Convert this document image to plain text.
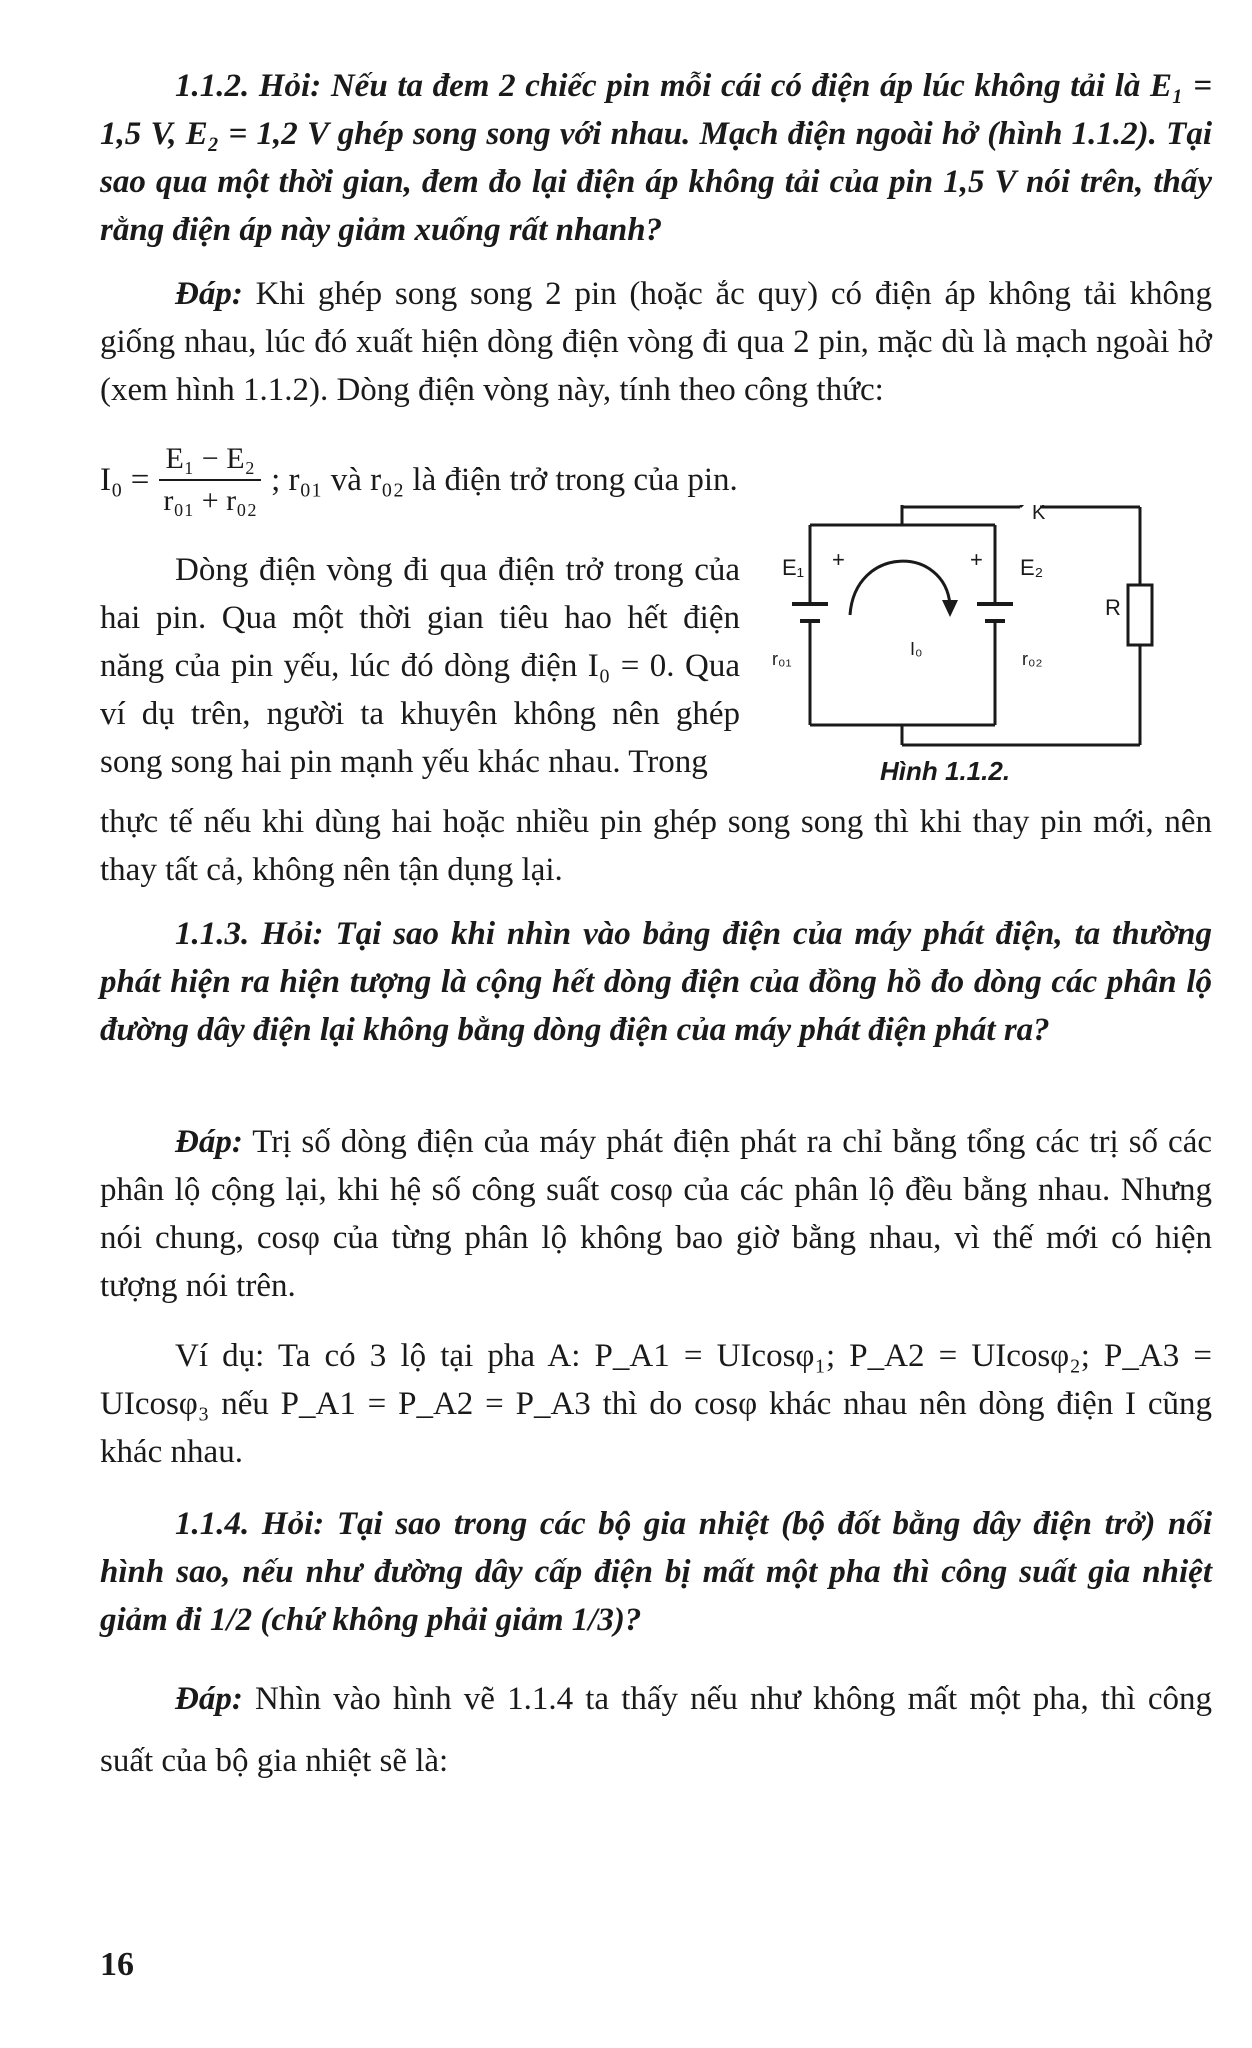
1.1.2. Hỏi: Nếu ta đem 2 chiếc pin mỗi cái có điện áp lúc không tải là E₁ = 1,5 V, E₂ = 1,2 V ghép song song với nhau. Mạch điện ngoài hở (hình 1.1.2). Tại sao qua một thời gian, đem đo lại điện áp không tải của pin 1,5 V nói trên, thấy rằng điện áp này giảm xuống rất nhanh?

Đáp: Khi ghép song song 2 pin (hoặc ắc quy) có điện áp không tải không giống nhau, lúc đó xuất hiện dòng điện vòng đi qua 2 pin, mặc dù là mạch ngoài hở (xem hình 1.1.2). Dòng điện vòng này, tính theo công thức:

$I_0 = \frac{\text{E₁ − E₂}}{\text{r₀₁ + r₀₂}}$ ; r₀₁ và r₀₂ là điện trở trong của pin.

Dòng điện vòng đi qua điện trở trong của hai pin. Qua một thời gian tiêu hao hết điện năng của pin yếu, lúc đó dòng điện I₀ = 0. Qua ví dụ trên, người ta khuyên không nên ghép song song hai pin mạnh yếu khác nhau. Trong

E₁ +	+ E₂
r₀₁	r₀₂
I₀
R
K
Hình 1.1.2.

thực tế nếu khi dùng hai hoặc nhiều pin ghép song song thì khi thay pin mới, nên thay tất cả, không nên tận dụng lại.

1.1.3. Hỏi: Tại sao khi nhìn vào bảng điện của máy phát điện, ta thường phát hiện ra hiện tượng là cộng hết dòng điện của đồng hồ đo dòng các phân lộ đường dây điện lại không bằng dòng điện của máy phát điện phát ra?

Đáp: Trị số dòng điện của máy phát điện phát ra chỉ bằng tổng các trị số các phân lộ cộng lại, khi hệ số công suất cosφ của các phân lộ đều bằng nhau. Nhưng nói chung, cosφ của từng phân lộ không bao giờ bằng nhau, vì thế mới có hiện tượng nói trên.

Ví dụ: Ta có 3 lộ tại pha A: P_A1 = UIcosφ₁; P_A2 = UIcosφ₂; P_A3 = UIcosφ₃ nếu P_A1 = P_A2 = P_A3 thì do cosφ khác nhau nên dòng điện I cũng khác nhau.

1.1.4. Hỏi: Tại sao trong các bộ gia nhiệt (bộ đốt bằng dây điện trở) nối hình sao, nếu như đường dây cấp điện bị mất một pha thì công suất gia nhiệt giảm đi 1/2 (chứ không phải giảm 1/3)?

Đáp: Nhìn vào hình vẽ 1.1.4 ta thấy nếu như không mất một pha, thì công suất của bộ gia nhiệt sẽ là:

16
